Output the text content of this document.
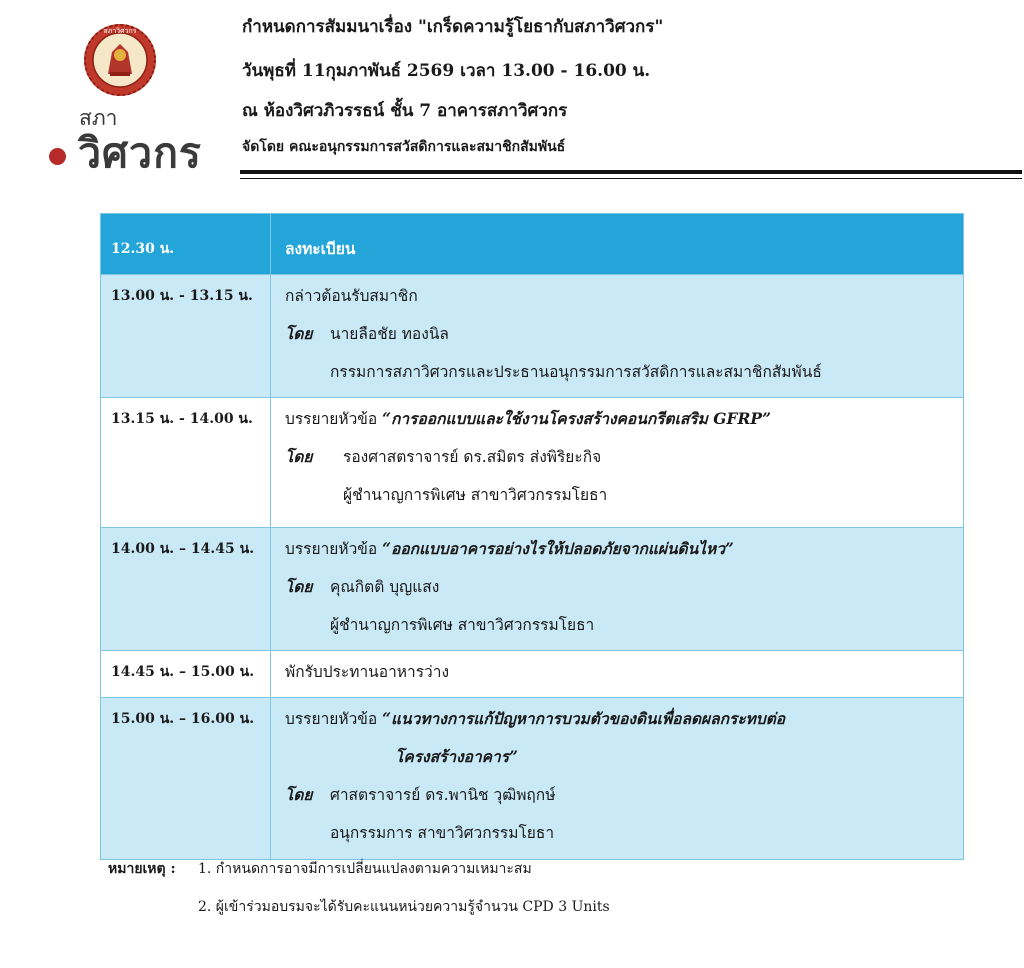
สภาวิศวกร
สภา
วิศวกร

กำหนดการสัมมนาเรื่อง "เกร็ดความรู้โยธากับสภาวิศวกร"

วันพุธที่ 11กุมภาพันธ์ 2569 เวลา 13.00 - 16.00 น.

ณ ห้องวิศวภิวรรธน์ ชั้น 7 อาคารสภาวิศวกร

จัดโดย คณะอนุกรรมการสวัสดิการและสมาชิกสัมพันธ์

12.30 น.	ลงทะเบียน
13.00 น. - 13.15 น.	กล่าวต้อนรับสมาชิก
โดย นายลือชัย ทองนิล
กรรมการสภาวิศวกรและประธานอนุกรรมการสวัสดิการและสมาชิกสัมพันธ์

13.15 น. - 14.00 น.	บรรยายหัวข้อ “การออกแบบและใช้งานโครงสร้างคอนกรีตเสริม GFRP”
โดย รองศาสตราจารย์ ดร.สมิตร ส่งพิริยะกิจ
ผู้ชำนาญการพิเศษ สาขาวิศวกรรมโยธา

14.00 น. – 14.45 น.	บรรยายหัวข้อ “ออกแบบอาคารอย่างไรให้ปลอดภัยจากแผ่นดินไหว”
โดย คุณกิตติ บุญแสง
ผู้ชำนาญการพิเศษ สาขาวิศวกรรมโยธา

14.45 น. – 15.00 น.	พักรับประทานอาหารว่าง

15.00 น. – 16.00 น.	บรรยายหัวข้อ “แนวทางการแก้ปัญหาการบวมตัวของดินเพื่อลดผลกระทบต่อ
โครงสร้างอาคาร”
โดย ศาสตราจารย์ ดร.พานิช วุฒิพฤกษ์
อนุกรรมการ สาขาวิศวกรรมโยธา
หมายเหตุ : 1. กำหนดการอาจมีการเปลี่ยนแปลงตามความเหมาะสม
2. ผู้เข้าร่วมอบรมจะได้รับคะแนนหน่วยความรู้จำนวน CPD 3 Units
